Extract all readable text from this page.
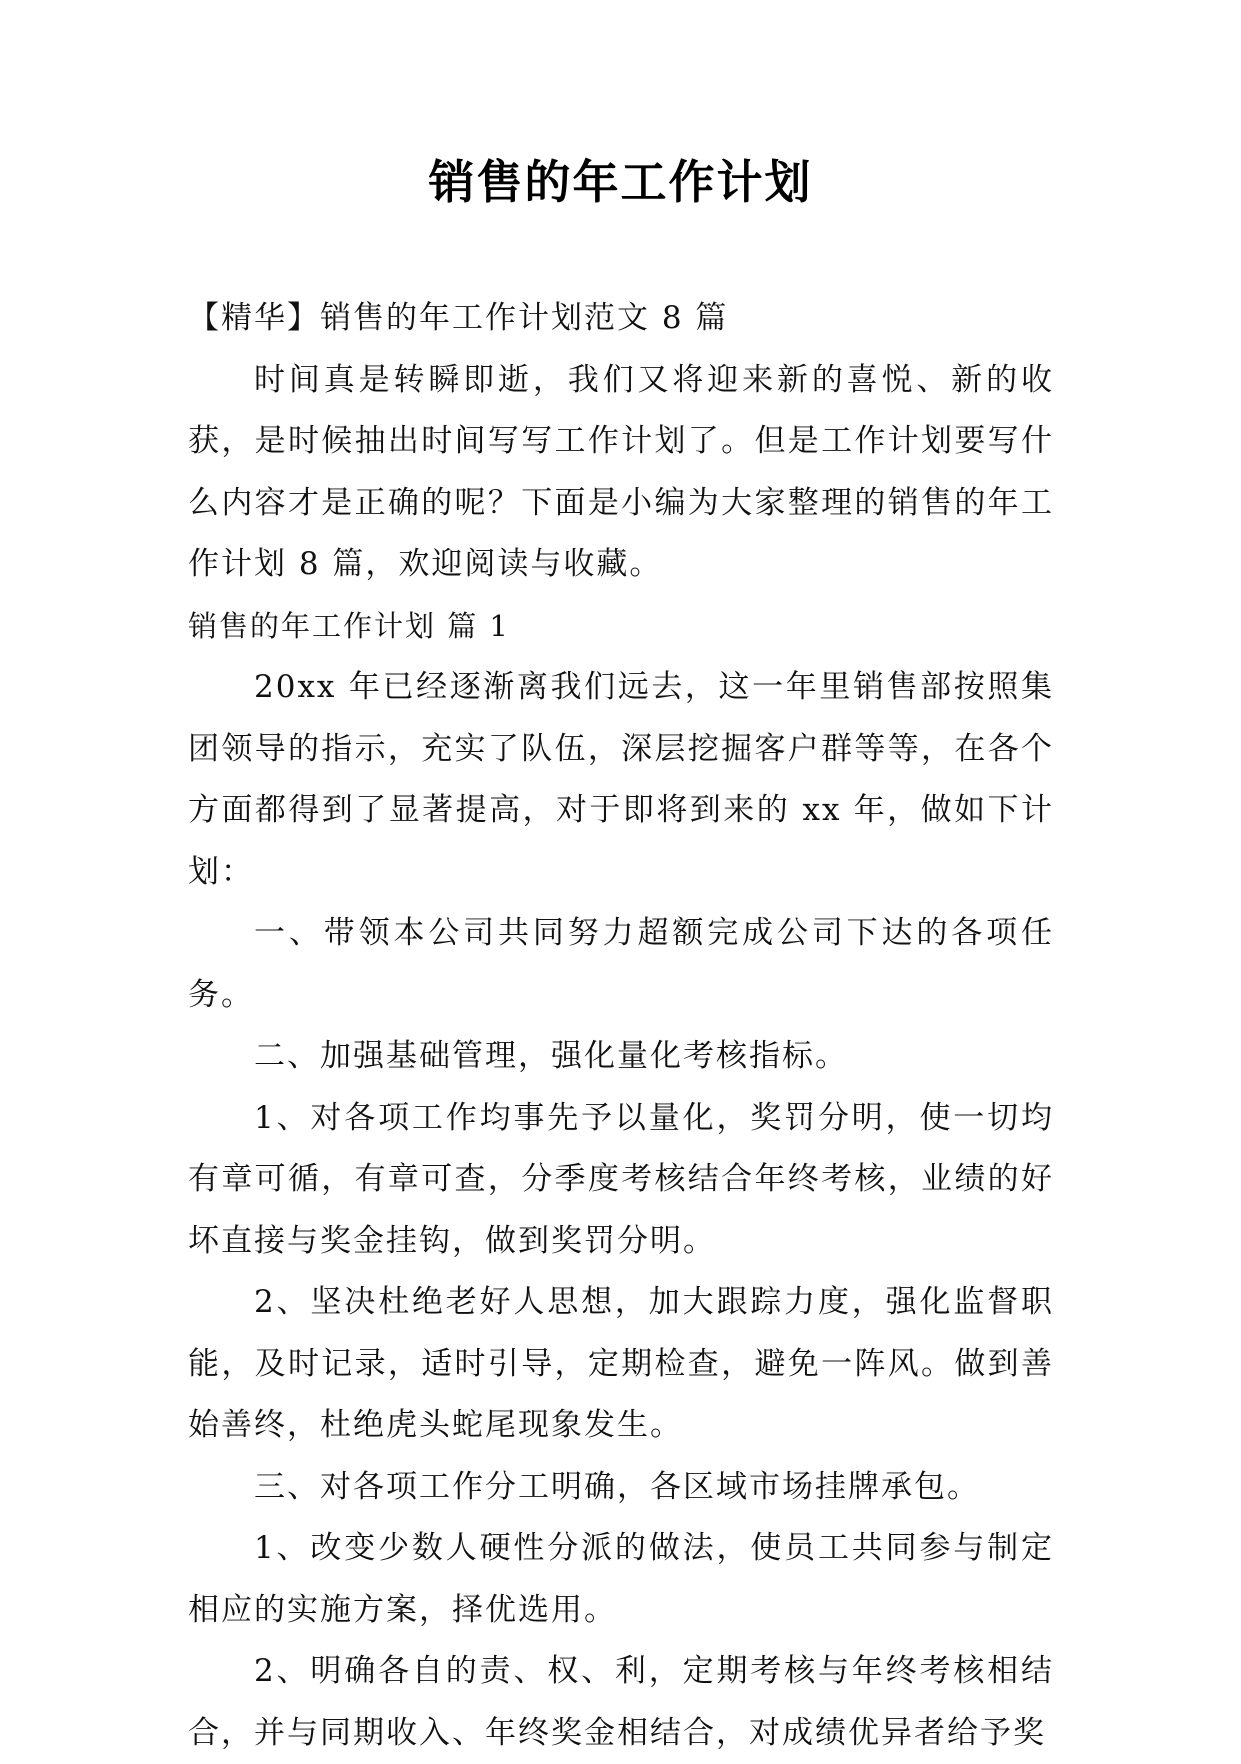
销售的年工作计划

【精华】销售的年工作计划范文 8 篇

时间真是转瞬即逝，我们又将迎来新的喜悦、新的收获，是时候抽出时间写写工作计划了。但是工作计划要写什么内容才是正确的呢？下面是小编为大家整理的销售的年工作计划 8 篇，欢迎阅读与收藏。

销售的年工作计划 篇 1

20xx 年已经逐渐离我们远去，这一年里销售部按照集团领导的指示，充实了队伍，深层挖掘客户群等等，在各个方面都得到了显著提高，对于即将到来的 xx 年，做如下计划：

一、带领本公司共同努力超额完成公司下达的各项任务。

二、加强基础管理，强化量化考核指标。

1、对各项工作均事先予以量化，奖罚分明，使一切均有章可循，有章可查，分季度考核结合年终考核，业绩的好坏直接与奖金挂钩，做到奖罚分明。

2、坚决杜绝老好人思想，加大跟踪力度，强化监督职能，及时记录，适时引导，定期检查，避免一阵风。做到善始善终，杜绝虎头蛇尾现象发生。

三、对各项工作分工明确，各区域市场挂牌承包。

1、改变少数人硬性分派的做法，使员工共同参与制定相应的实施方案，择优选用。

2、明确各自的责、权、利，定期考核与年终考核相结合，并与同期收入、年终奖金相结合，对成绩优异者给予奖
